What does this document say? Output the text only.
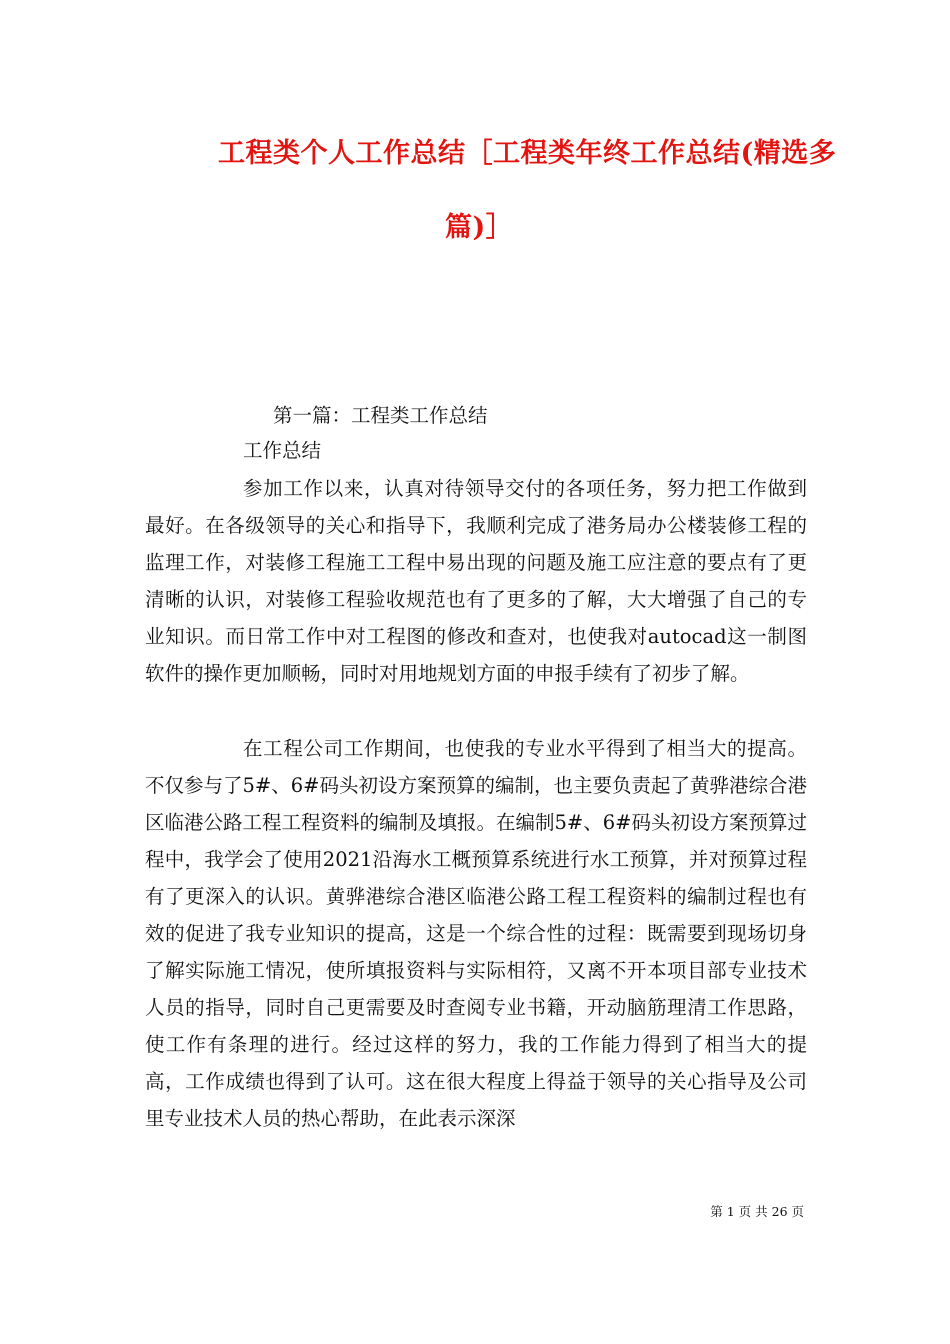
工程类个人工作总结［工程类年终工作总结(精选多
篇)］
第一篇：工程类工作总结
工作总结
参加工作以来，认真对待领导交付的各项任务，努力把工作做到最好。在各级领导的关心和指导下，我顺利完成了港务局办公楼装修工程的监理工作，对装修工程施工工程中易出现的问题及施工应注意的要点有了更清晰的认识，对装修工程验收规范也有了更多的了解，大大增强了自己的专业知识。而日常工作中对工程图的修改和查对，也使我对autocad这一制图软件的操作更加顺畅，同时对用地规划方面的申报手续有了初步了解。
在工程公司工作期间，也使我的专业水平得到了相当大的提高。不仅参与了5#、6#码头初设方案预算的编制，也主要负责起了黄骅港综合港区临港公路工程工程资料的编制及填报。在编制5#、6#码头初设方案预算过程中，我学会了使用2021沿海水工概预算系统进行水工预算，并对预算过程有了更深入的认识。黄骅港综合港区临港公路工程工程资料的编制过程也有效的促进了我专业知识的提高，这是一个综合性的过程：既需要到现场切身了解实际施工情况，使所填报资料与实际相符，又离不开本项目部专业技术人员的指导，同时自己更需要及时查阅专业书籍，开动脑筋理清工作思路，使工作有条理的进行。经过这样的努力，我的工作能力得到了相当大的提高，工作成绩也得到了认可。这在很大程度上得益于领导的关心指导及公司里专业技术人员的热心帮助，在此表示深深
第 1 页 共 26 页
